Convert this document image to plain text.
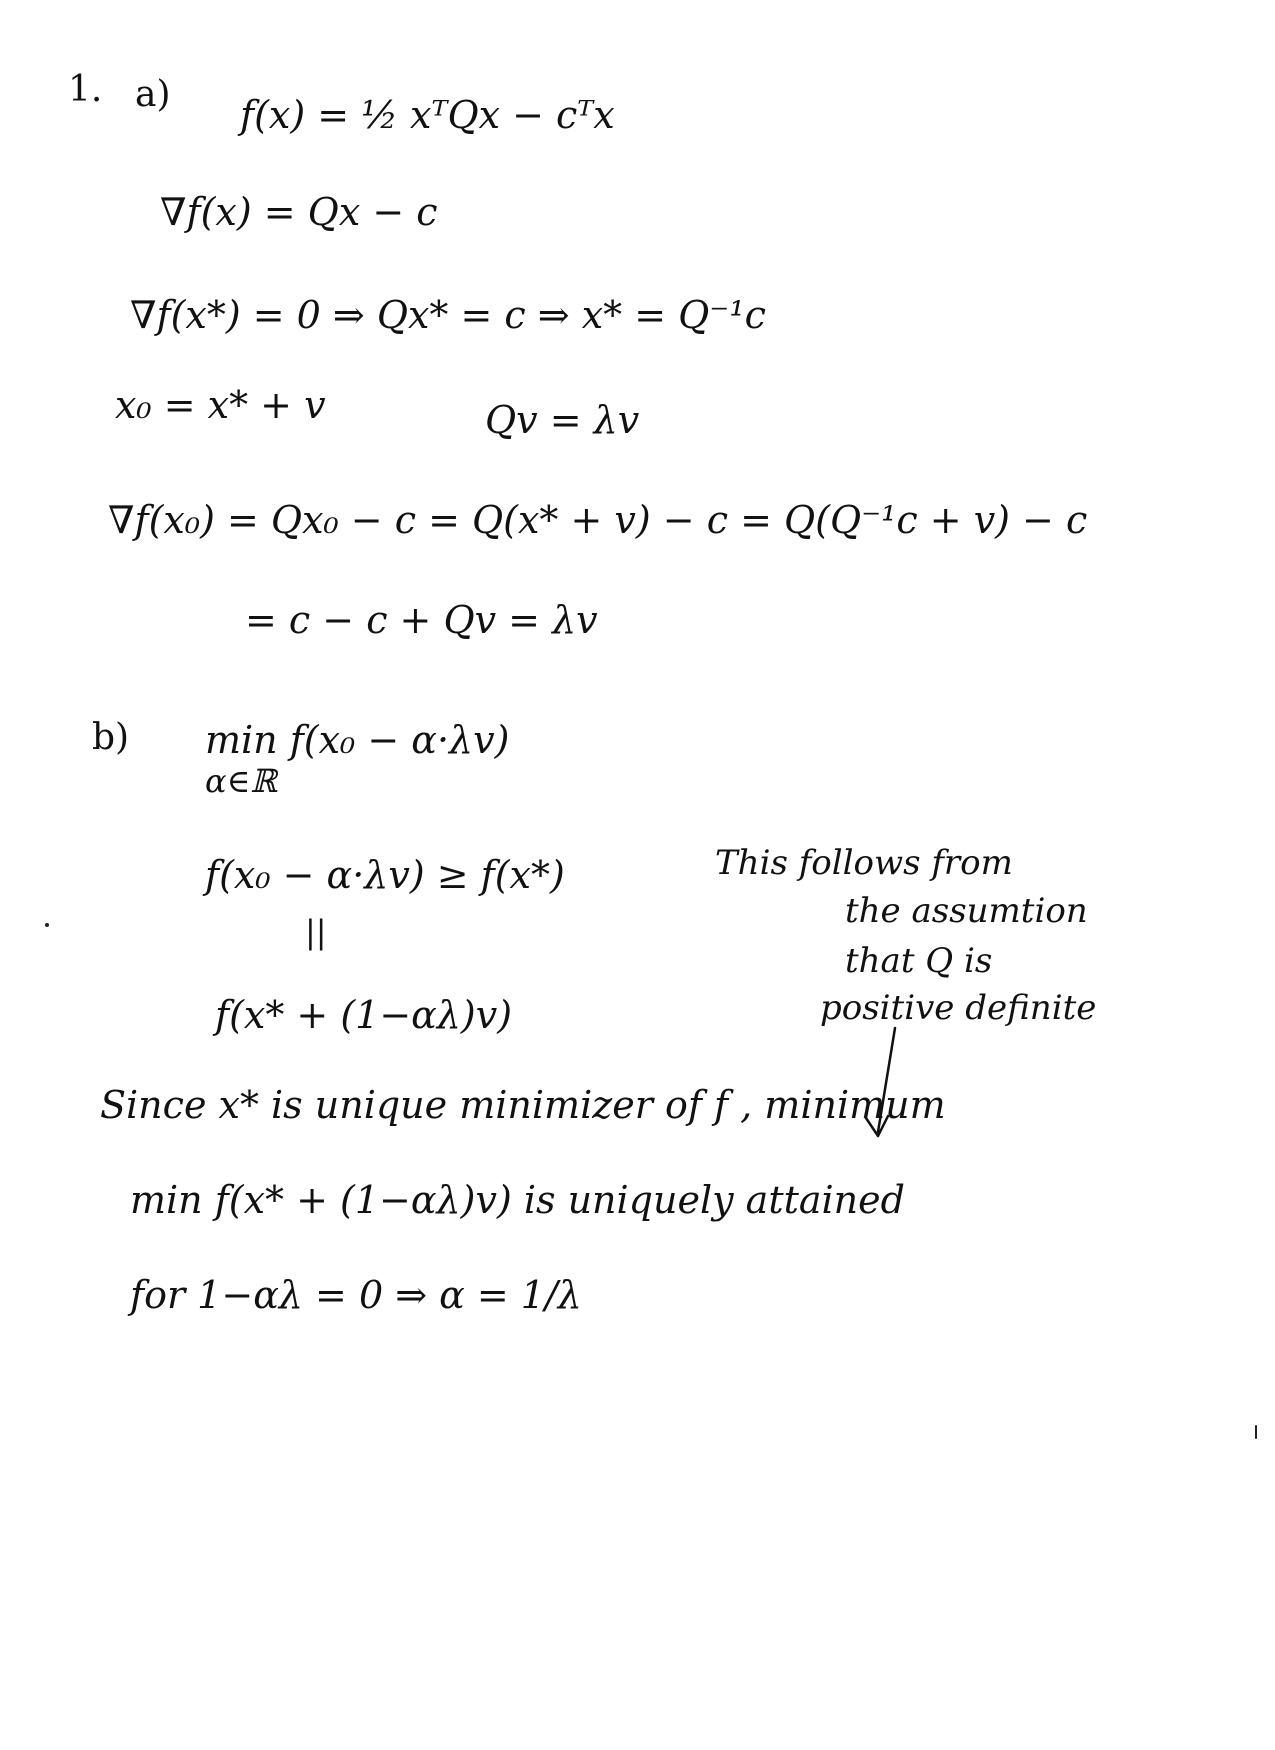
1. a) f(x) = ½ xᵀQx − cᵀx
∇f(x) = Qx − c
∇f(x*) = 0 ⇒ Qx* = c ⇒ x* = Q⁻¹c
x₀ = x* + v	Qv = λv
∇f(x₀) = Qx₀ − c = Q(x* + v) − c = Q(Q⁻¹c + v) − c
= c − c + Qv = λv
b) min f(x₀ − α·λv)
α∈ℝ
f(x₀ − α·λv) ≥ f(x*)
||
f(x* + (1−αλ)v)
This follows from
the assumtion
that Q is
positive definite
Since x* is unique minimizer of f , minimum
min f(x* + (1−αλ)v) is uniquely attained
for 1−αλ = 0 ⇒ α = 1/λ
